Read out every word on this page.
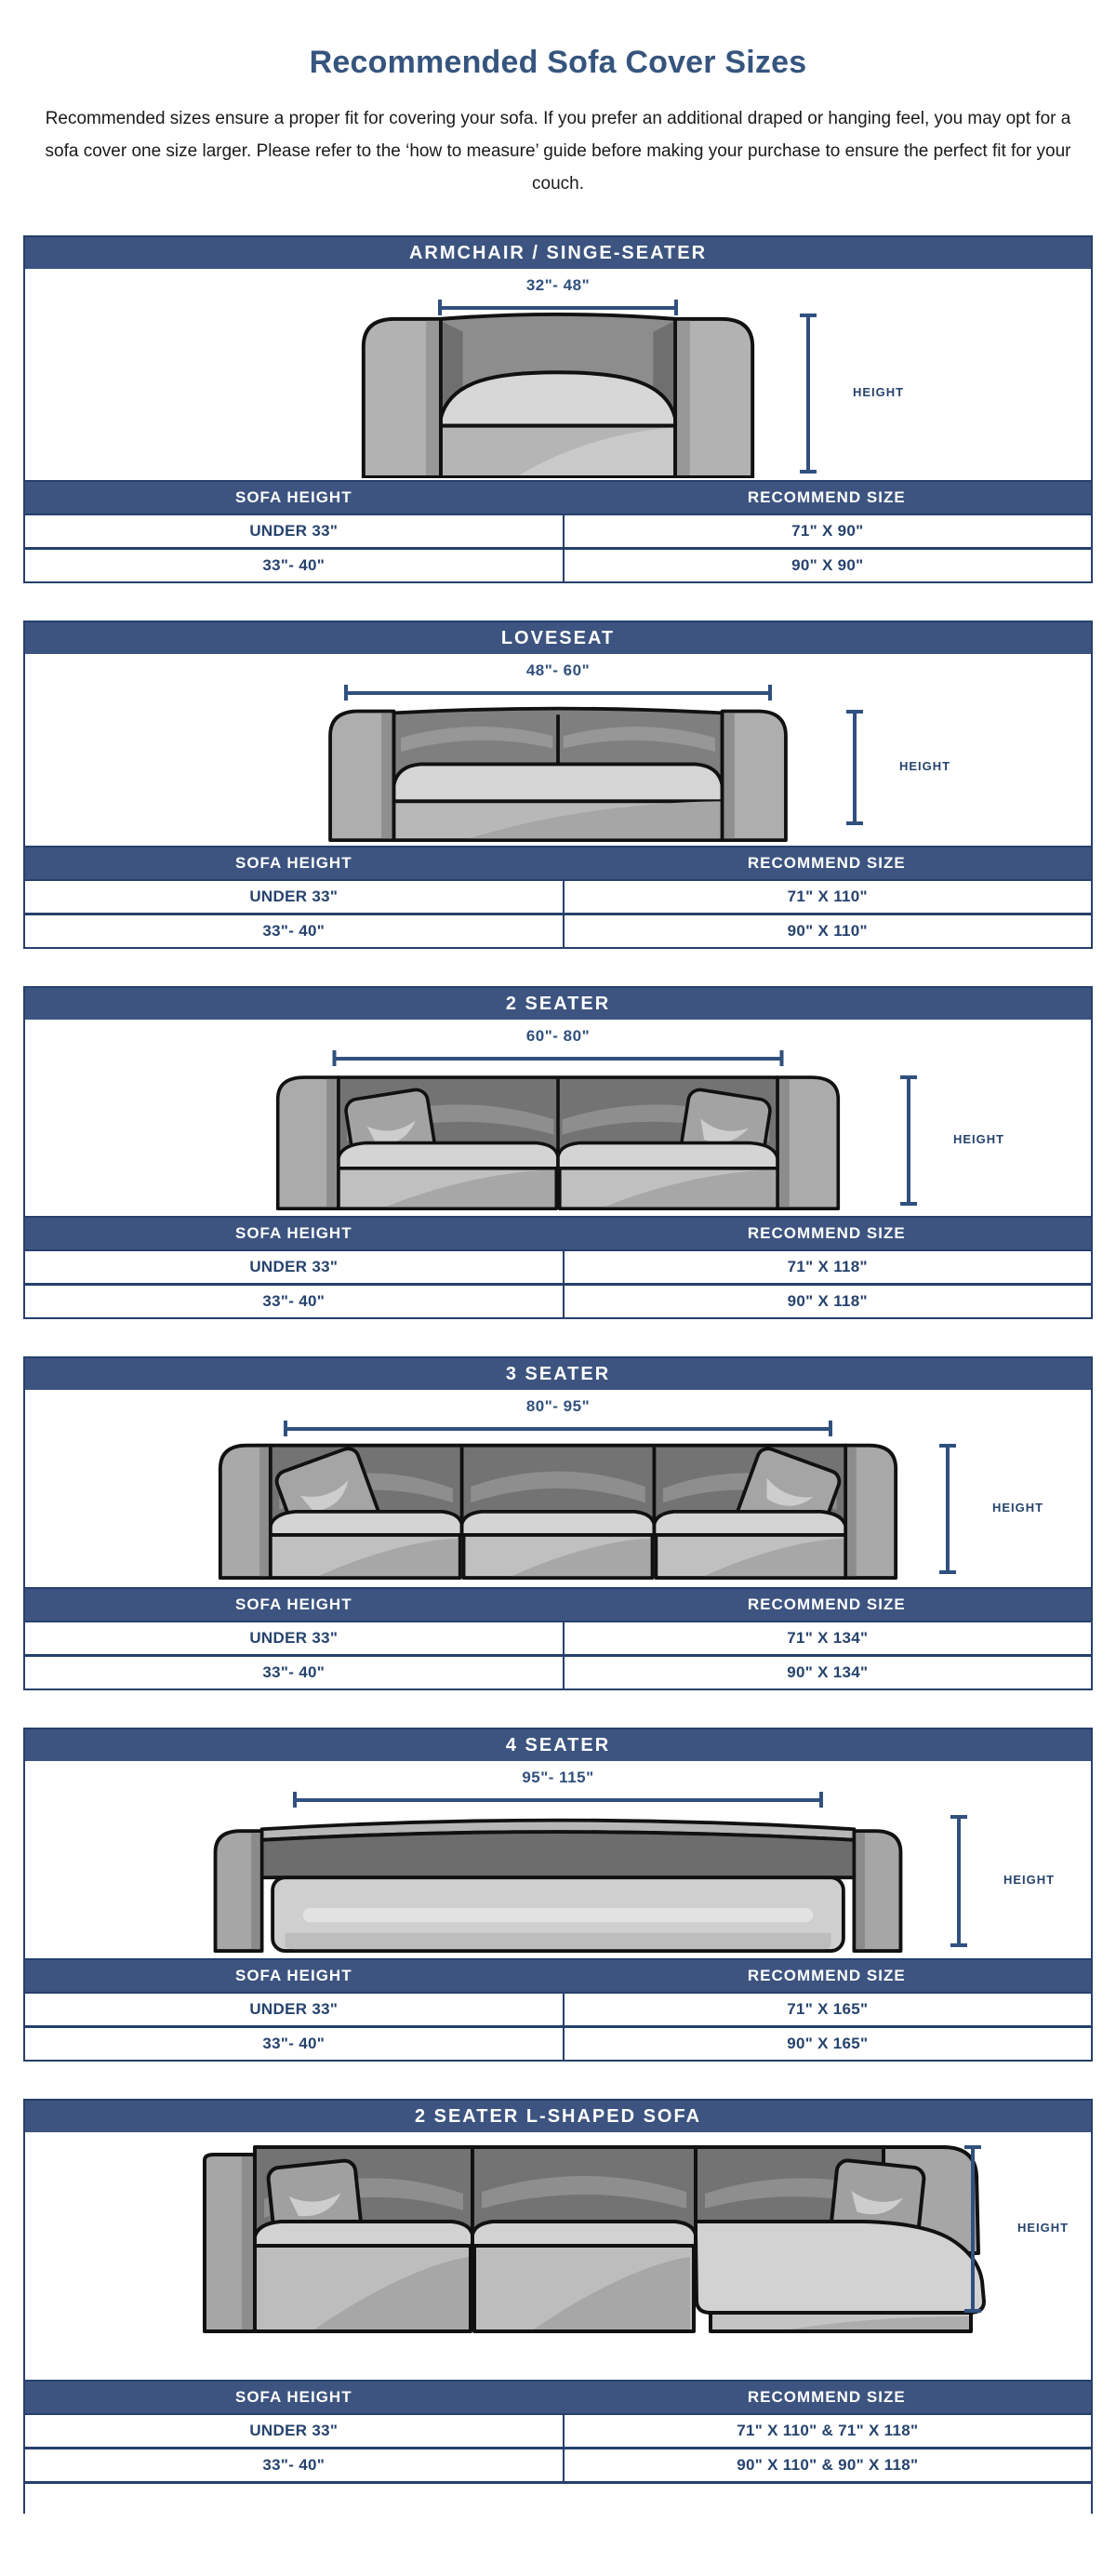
Recommended Sofa Cover Sizes

Recommended sizes ensure a proper fit for covering your sofa. If you prefer an additional draped or hanging feel, you may opt for a sofa cover one size larger. Please refer to the ‘how to measure’ guide before making your purchase to ensure the perfect fit for your couch.

ARMCHAIR / SINGE-SEATER
32"- 48"
HEIGHT
SOFA HEIGHT	RECOMMEND SIZE
UNDER 33"	71" X 90"
33"- 40"	90" X 90"
LOVESEAT
48"- 60"
HEIGHT
SOFA HEIGHT	RECOMMEND SIZE
UNDER 33"	71" X 110"
33"- 40"	90" X 110"
2 SEATER
60"- 80"
HEIGHT
SOFA HEIGHT	RECOMMEND SIZE
UNDER 33"	71" X 118"
33"- 40"	90" X 118"
3 SEATER
80"- 95"
HEIGHT
SOFA HEIGHT	RECOMMEND SIZE
UNDER 33"	71" X 134"
33"- 40"	90" X 134"
4 SEATER
95"- 115"
HEIGHT
SOFA HEIGHT	RECOMMEND SIZE
UNDER 33"	71" X 165"
33"- 40"	90" X 165"
2 SEATER L-SHAPED SOFA
HEIGHT
SOFA HEIGHT	RECOMMEND SIZE
UNDER 33"	71" X 110" & 71" X 118"
33"- 40"	90" X 110" & 90" X 118"
